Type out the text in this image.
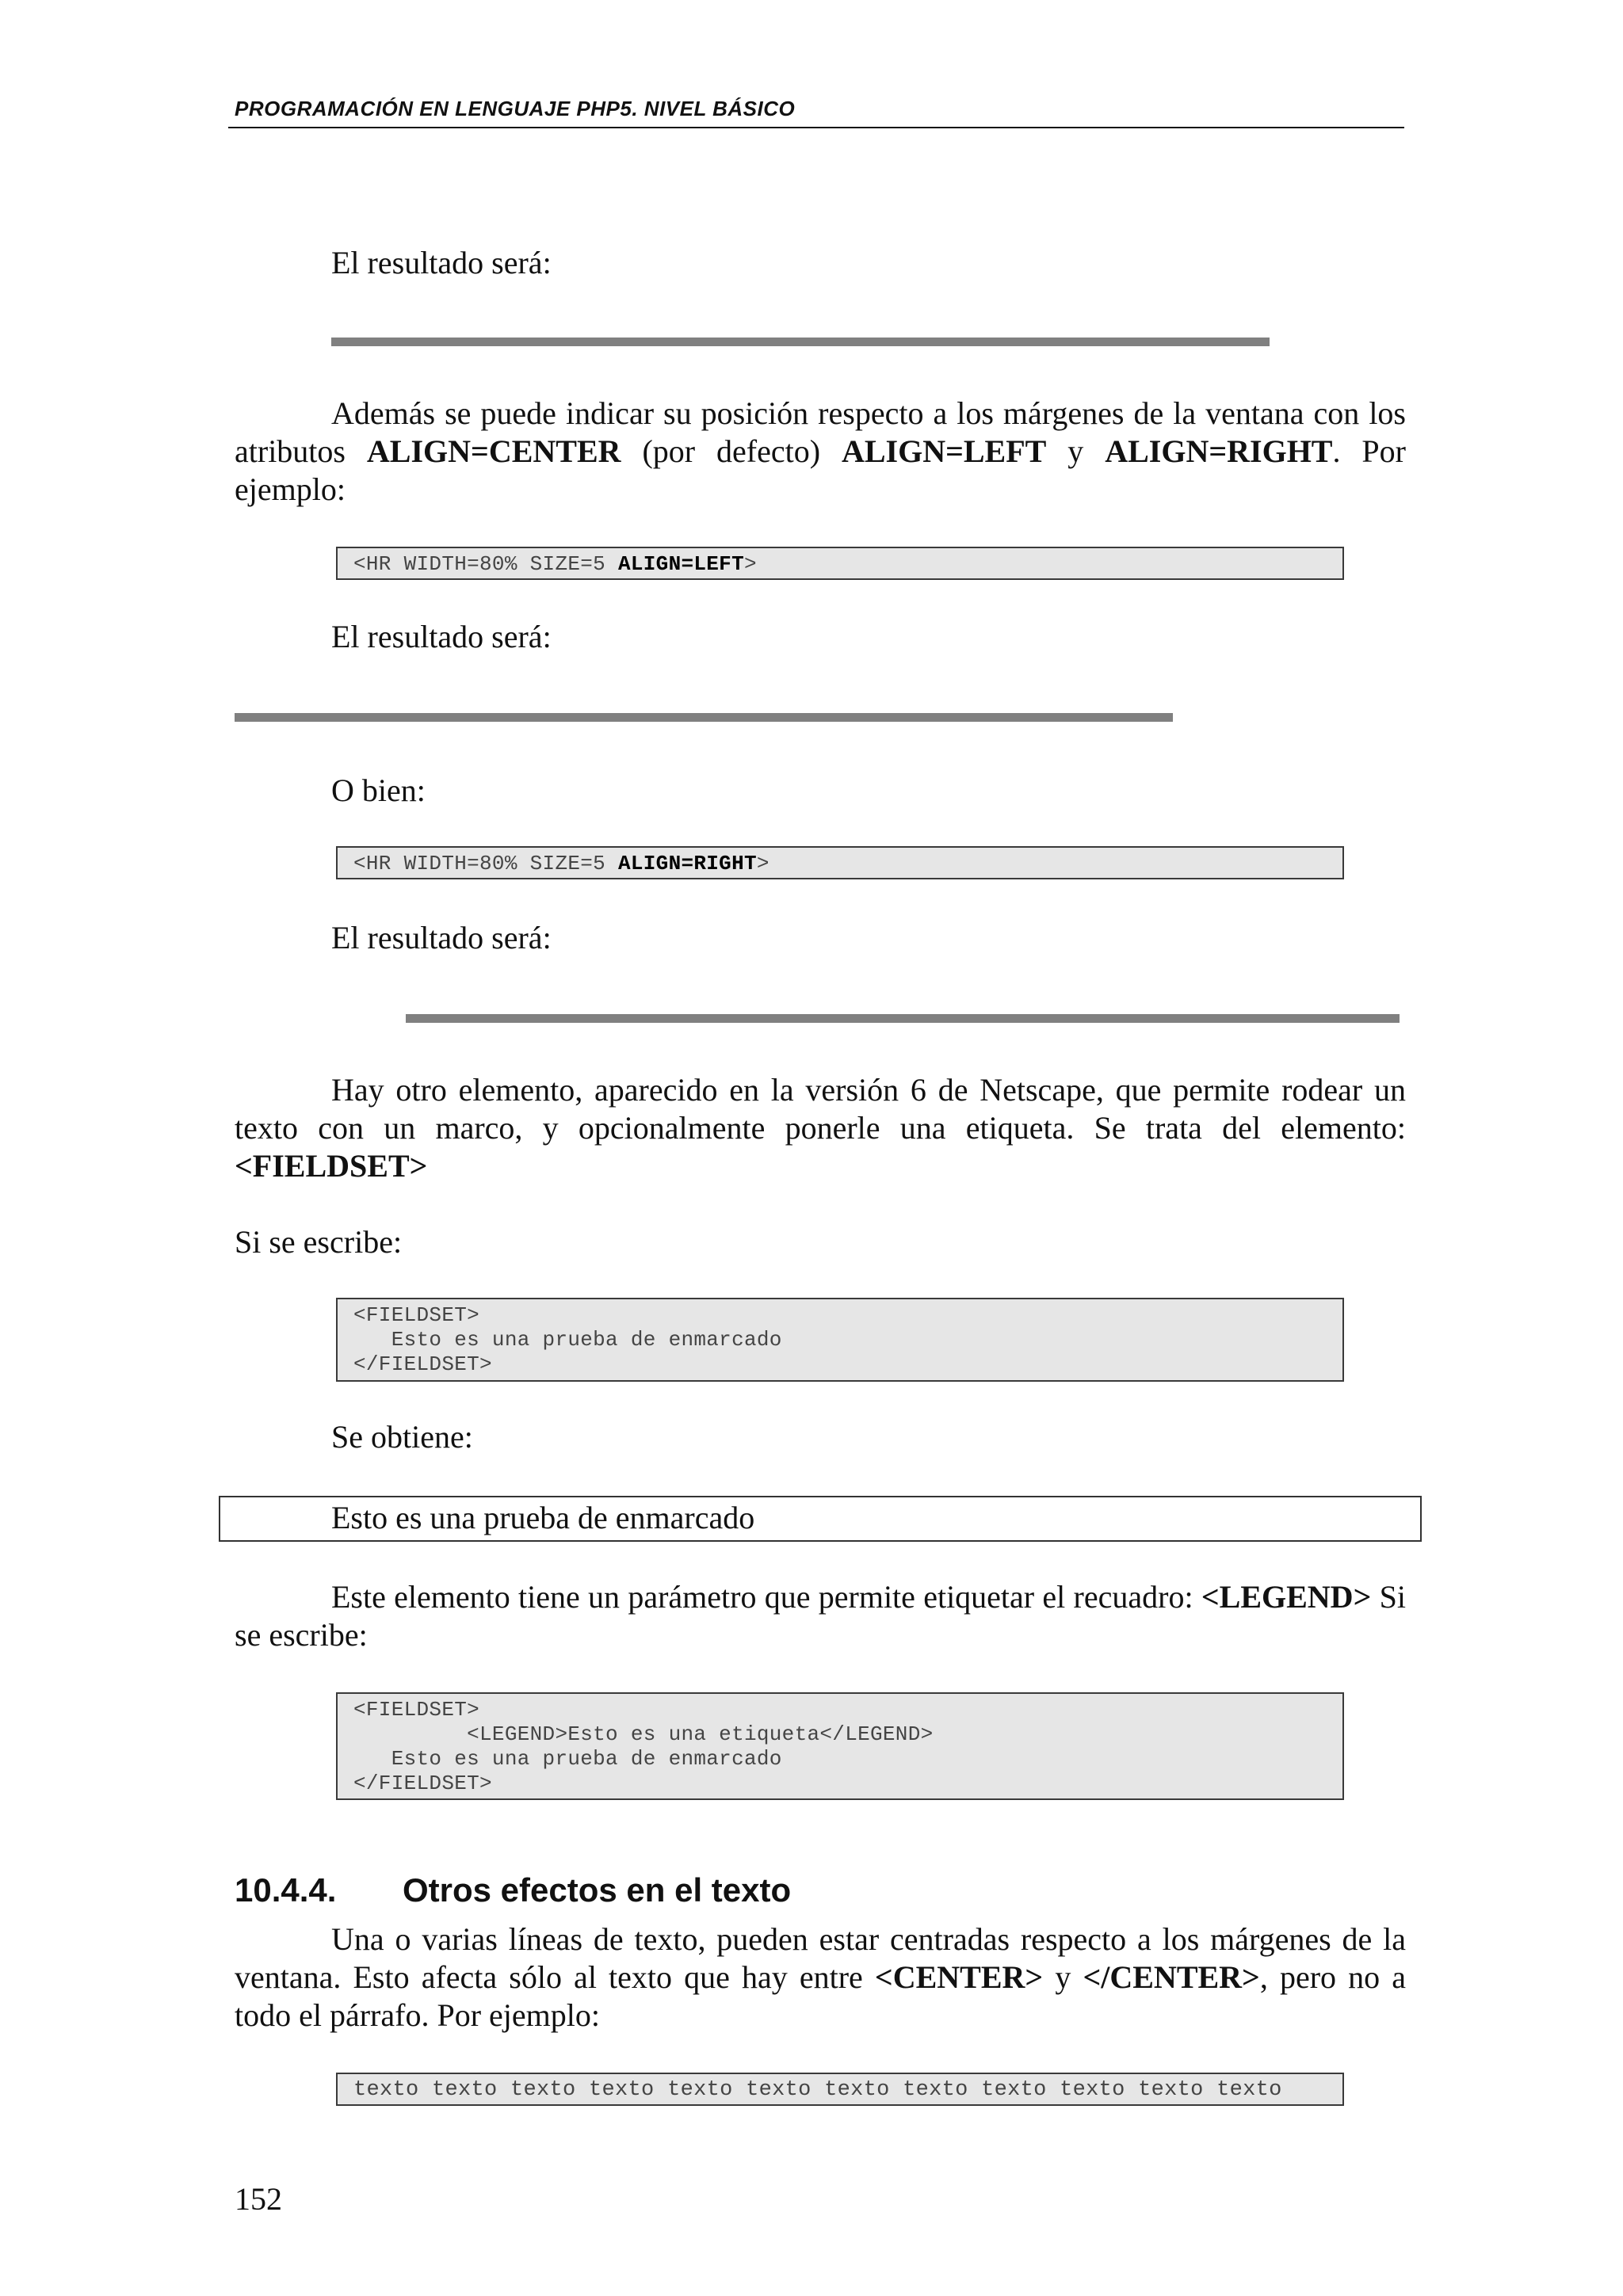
PROGRAMACIÓN EN LENGUAJE PHP5. NIVEL BÁSICO
El resultado será:
Además se puede indicar su posición respecto a los márgenes de la ventana con los atributos ALIGN=CENTER (por defecto) ALIGN=LEFT y ALIGN=RIGHT. Por ejemplo:
<HR WIDTH=80% SIZE=5 ALIGN=LEFT>
El resultado será:
O bien:
<HR WIDTH=80% SIZE=5 ALIGN=RIGHT>
El resultado será:
Hay otro elemento, aparecido en la versión 6 de Netscape, que permite rodear un texto con un marco, y opcionalmente ponerle una etiqueta. Se trata del elemento: <FIELDSET>
Si se escribe:
<FIELDSET>
Esto es una prueba de enmarcado
</FIELDSET>
Se obtiene:
Esto es una prueba de enmarcado
Este elemento tiene un parámetro que permite etiquetar el recuadro: <LEGEND> Si se escribe:
<FIELDSET>
<LEGEND>Esto es una etiqueta</LEGEND>
Esto es una prueba de enmarcado
</FIELDSET>
10.4.4. Otros efectos en el texto
Una o varias líneas de texto, pueden estar centradas respecto a los márgenes de la ventana. Esto afecta sólo al texto que hay entre <CENTER> y </CENTER>, pero no a todo el párrafo. Por ejemplo:
texto texto texto texto texto texto texto texto texto texto texto texto
152
